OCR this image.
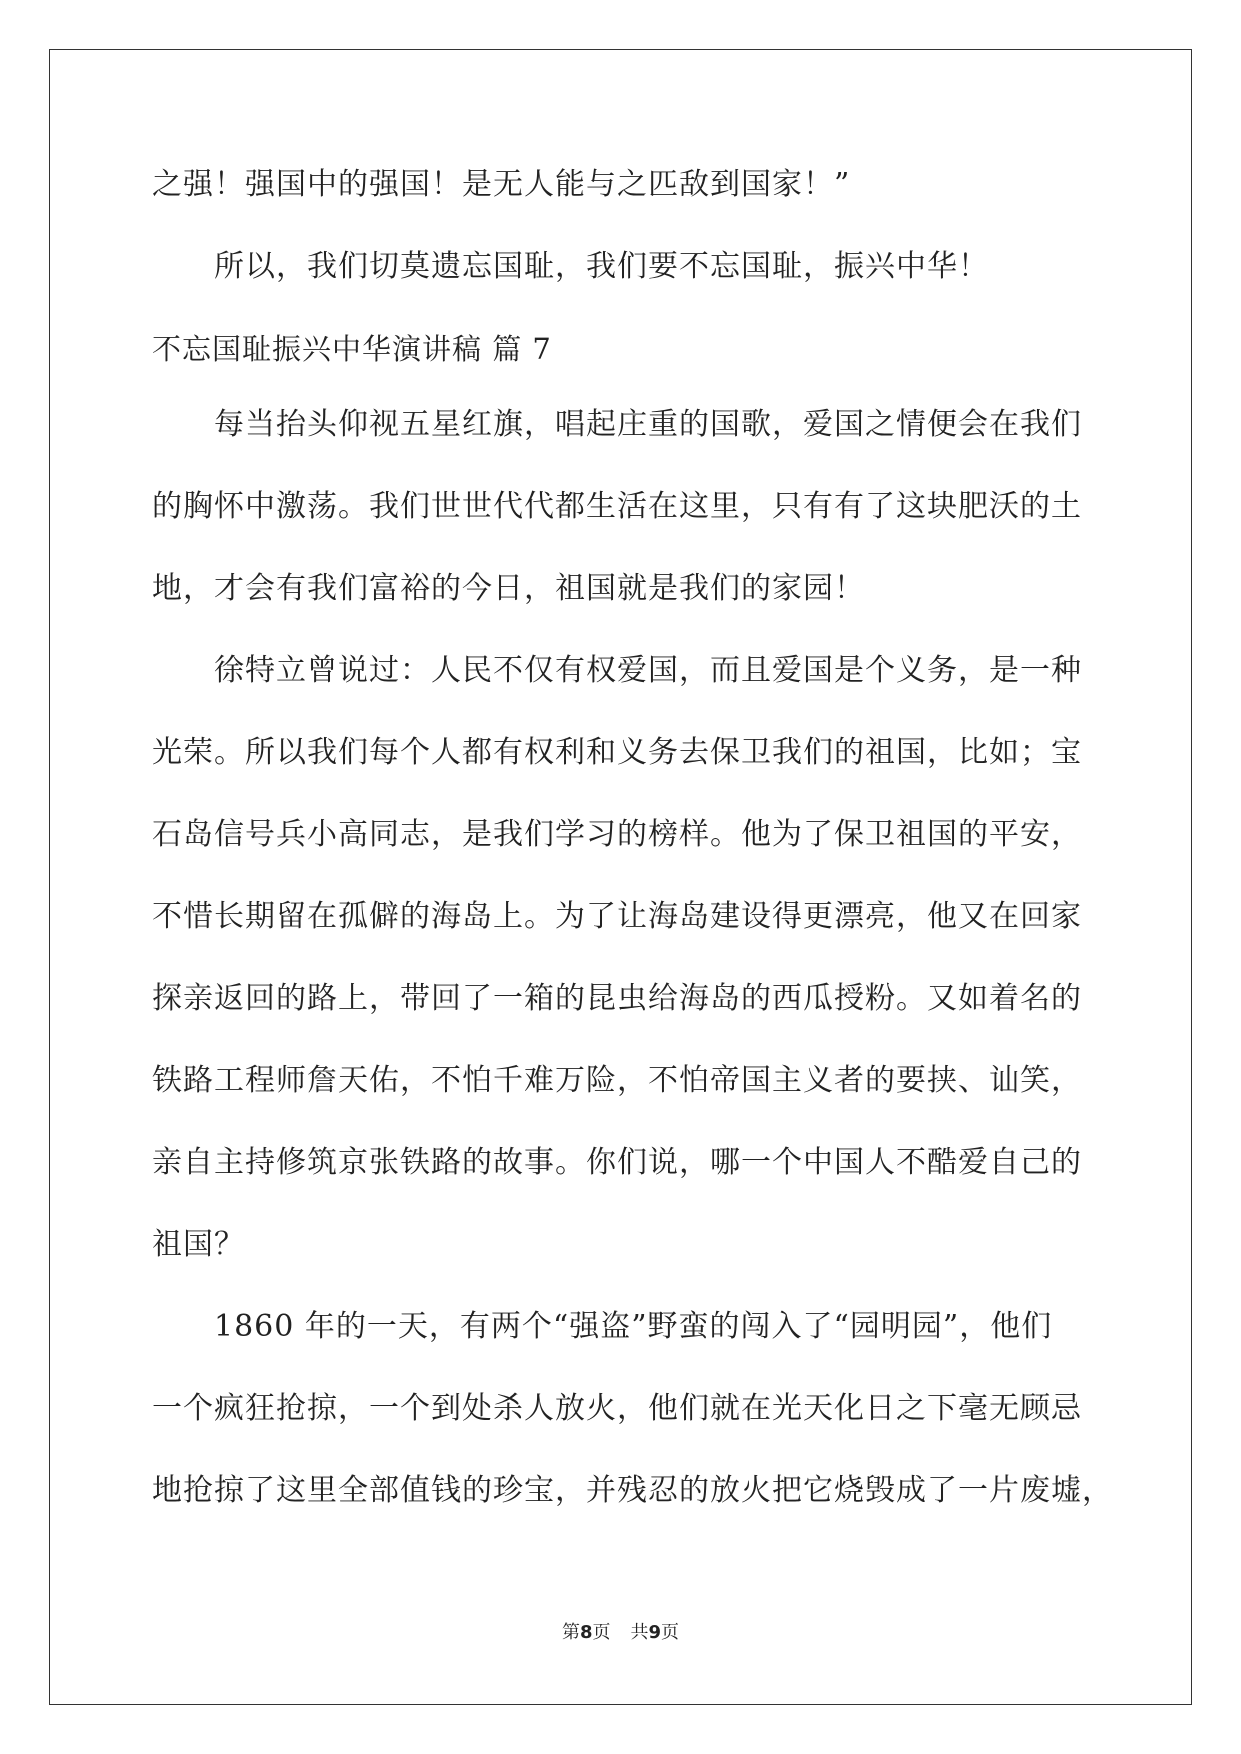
之强！强国中的强国！是无人能与之匹敌到国家！”
所以，我们切莫遗忘国耻，我们要不忘国耻，振兴中华！
不忘国耻振兴中华演讲稿 篇 7
每当抬头仰视五星红旗，唱起庄重的国歌，爱国之情便会在我们
的胸怀中激荡。我们世世代代都生活在这里，只有有了这块肥沃的土
地，才会有我们富裕的今日，祖国就是我们的家园！
徐特立曾说过：人民不仅有权爱国，而且爱国是个义务，是一种
光荣。所以我们每个人都有权利和义务去保卫我们的祖国，比如；宝
石岛信号兵小高同志，是我们学习的榜样。他为了保卫祖国的平安，
不惜长期留在孤僻的海岛上。为了让海岛建设得更漂亮，他又在回家
探亲返回的路上，带回了一箱的昆虫给海岛的西瓜授粉。又如着名的
铁路工程师詹天佑，不怕千难万险，不怕帝国主义者的要挟、讪笑，
亲自主持修筑京张铁路的故事。你们说，哪一个中国人不酷爱自己的
祖国？
1860 年的一天，有两个“强盗”野蛮的闯入了“园明园”，他们
一个疯狂抢掠，一个到处杀人放火，他们就在光天化日之下毫无顾忌
地抢掠了这里全部值钱的珍宝，并残忍的放火把它烧毁成了一片废墟，
第8页 共9页
